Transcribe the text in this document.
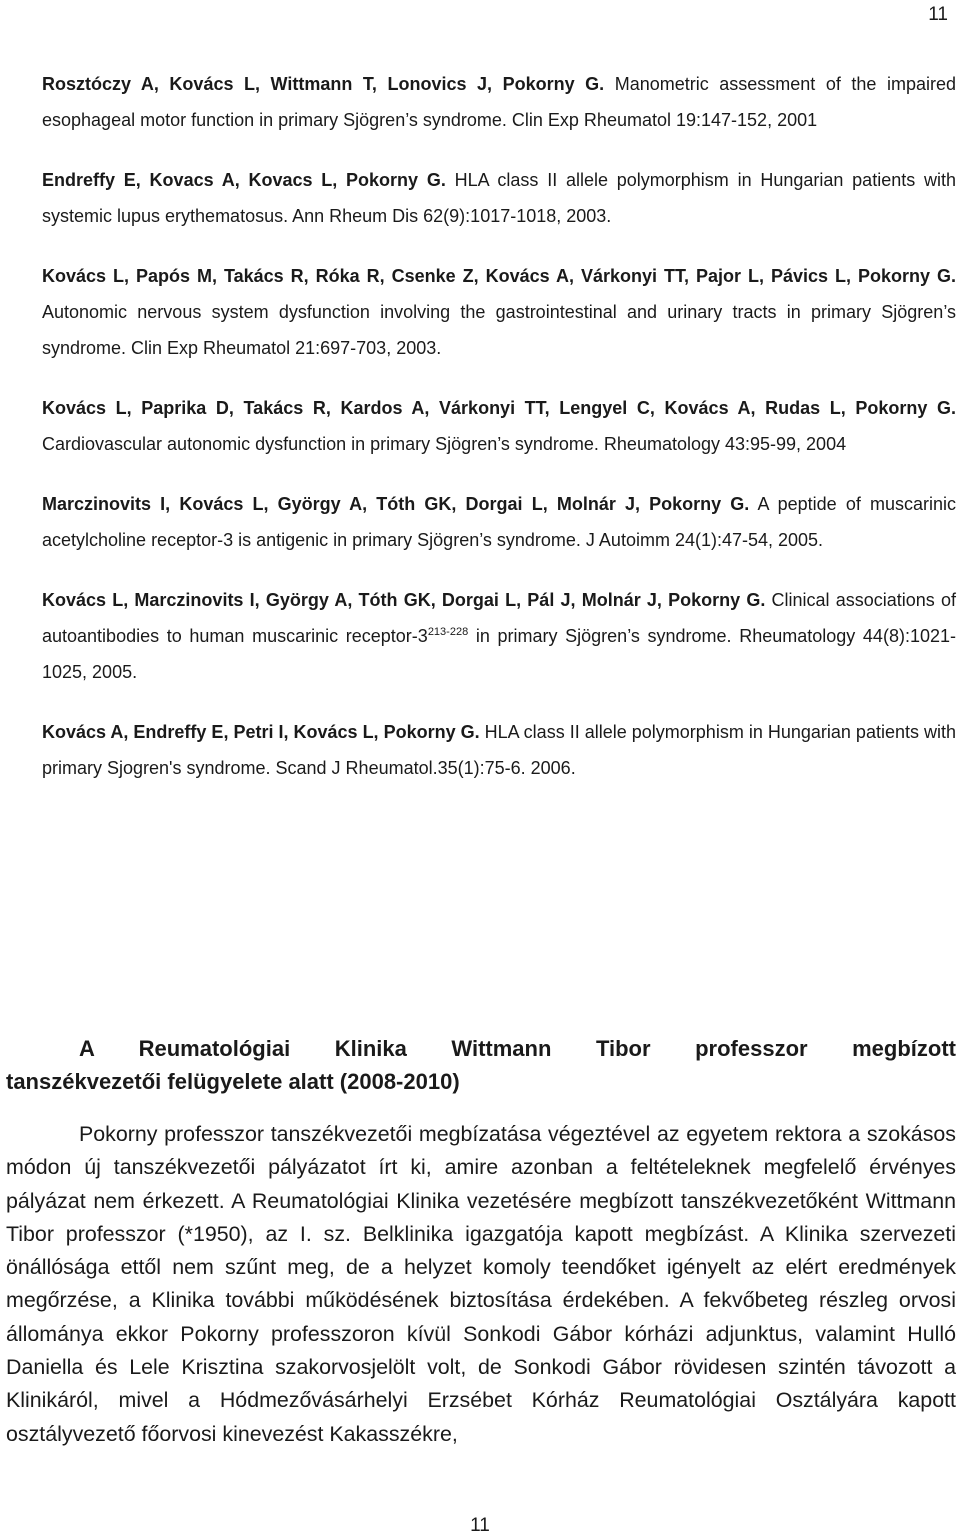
11

Rosztóczy A, Kovács L, Wittmann T, Lonovics J, Pokorny G. Manometric assessment of the impaired esophageal motor function in primary Sjögren’s syndrome. Clin Exp Rheumatol 19:147-152, 2001

Endreffy E, Kovacs A, Kovacs L, Pokorny G. HLA class II allele polymorphism in Hungarian patients with systemic lupus erythematosus. Ann Rheum Dis 62(9):1017-1018, 2003.

Kovács L, Papós M, Takács R, Róka R, Csenke Z, Kovács A, Várkonyi TT, Pajor L, Pávics L, Pokorny G. Autonomic nervous system dysfunction involving the gastrointestinal and urinary tracts in primary Sjögren’s syndrome. Clin Exp Rheumatol 21:697-703, 2003.

Kovács L, Paprika D, Takács R, Kardos A, Várkonyi TT, Lengyel C, Kovács A, Rudas L, Pokorny G. Cardiovascular autonomic dysfunction in primary Sjögren’s syndrome. Rheumatology 43:95-99, 2004

Marczinovits I, Kovács L, György A, Tóth GK, Dorgai L, Molnár J, Pokorny G. A peptide of muscarinic acetylcholine receptor-3 is antigenic in primary Sjögren’s syndrome. J Autoimm 24(1):47-54, 2005.

Kovács L, Marczinovits I, György A, Tóth GK, Dorgai L, Pál J, Molnár J, Pokorny G. Clinical associations of autoantibodies to human muscarinic receptor-3$^{213-228}$ in primary Sjögren’s syndrome. Rheumatology 44(8):1021-1025, 2005.

Kovács A, Endreffy E, Petri I, Kovács L, Pokorny G. HLA class II allele polymorphism in Hungarian patients with primary Sjogren's syndrome. Scand J Rheumatol.35(1):75-6. 2006.

A Reumatológiai Klinika Wittmann Tibor professzor megbízott
tanszékvezetői felügyelete alatt (2008-2010)

Pokorny professzor tanszékvezetői megbízatása végeztével az egyetem rektora a szokásos módon új tanszékvezetői pályázatot írt ki, amire azonban a feltételeknek megfelelő érvényes pályázat nem érkezett. A Reumatológiai Klinika vezetésére megbízott tanszékvezetőként Wittmann Tibor professzor (*1950), az I. sz. Belklinika igazgatója kapott megbízást. A Klinika szervezeti önállósága ettől nem szűnt meg, de a helyzet komoly teendőket igényelt az elért eredmények megőrzése, a Klinika további működésének biztosítása érdekében. A fekvőbeteg részleg orvosi állománya ekkor Pokorny professzoron kívül Sonkodi Gábor kórházi adjunktus, valamint Hulló Daniella és Lele Krisztina szakorvosjelölt volt, de Sonkodi Gábor rövidesen szintén távozott a Klinikáról, mivel a Hódmezővásárhelyi Erzsébet Kórház Reumatológiai Osztályára kapott osztályvezető főorvosi kinevezést Kakasszékre,

11
